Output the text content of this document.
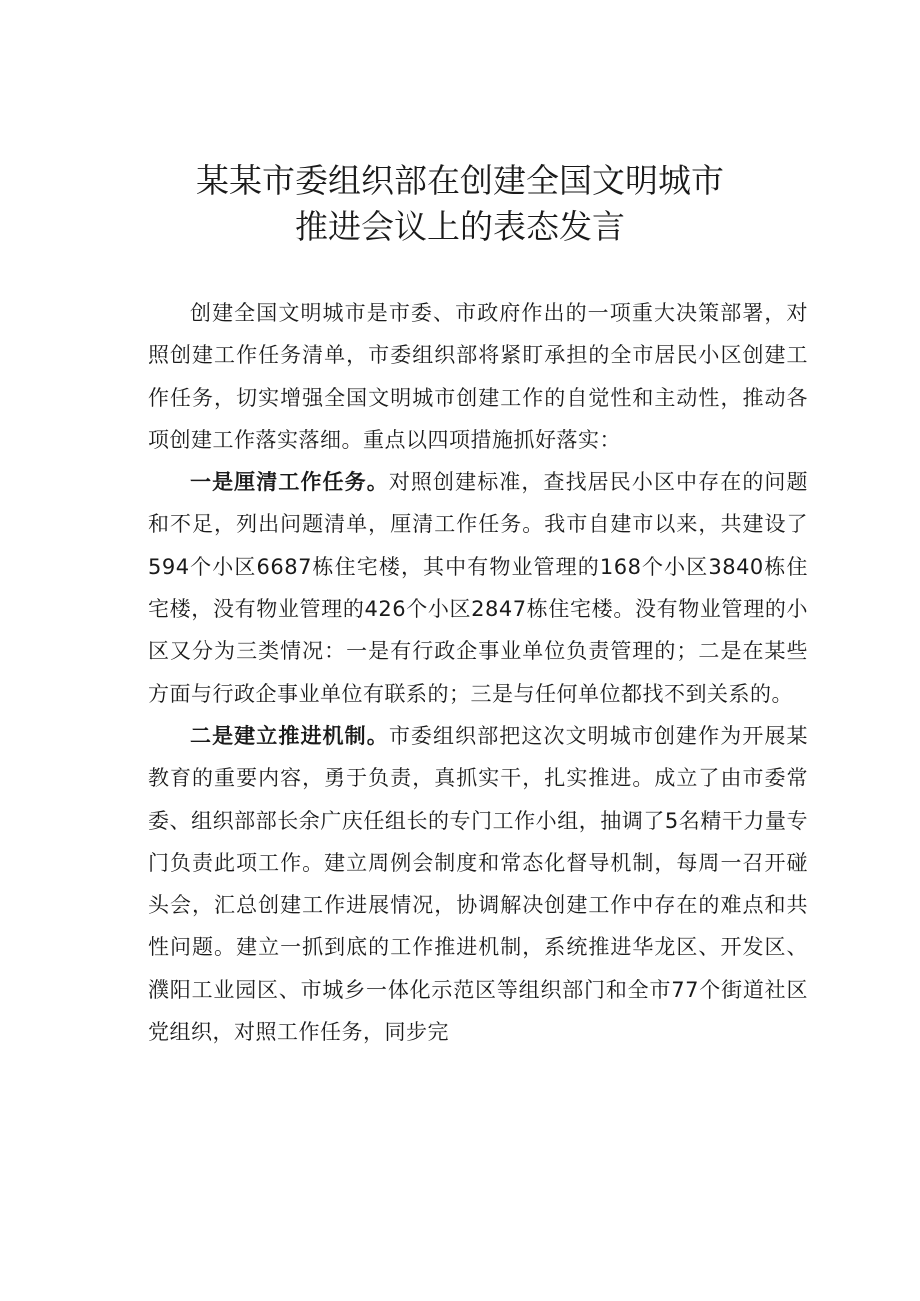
某某市委组织部在创建全国文明城市
推进会议上的表态发言

创建全国文明城市是市委、市政府作出的一项重大决策部署，对照创建工作任务清单，市委组织部将紧盯承担的全市居民小区创建工作任务，切实增强全国文明城市创建工作的自觉性和主动性，推动各项创建工作落实落细。重点以四项措施抓好落实：

一是厘清工作任务。对照创建标准，查找居民小区中存在的问题和不足，列出问题清单，厘清工作任务。我市自建市以来，共建设了594个小区6687栋住宅楼，其中有物业管理的168个小区3840栋住宅楼，没有物业管理的426个小区2847栋住宅楼。没有物业管理的小区又分为三类情况：一是有行政企事业单位负责管理的；二是在某些方面与行政企事业单位有联系的；三是与任何单位都找不到关系的。

二是建立推进机制。市委组织部把这次文明城市创建作为开展某教育的重要内容，勇于负责，真抓实干，扎实推进。成立了由市委常委、组织部部长余广庆任组长的专门工作小组，抽调了5名精干力量专门负责此项工作。建立周例会制度和常态化督导机制，每周一召开碰头会，汇总创建工作进展情况，协调解决创建工作中存在的难点和共性问题。建立一抓到底的工作推进机制，系统推进华龙区、开发区、濮阳工业园区、市城乡一体化示范区等组织部门和全市77个街道社区党组织，对照工作任务，同步完
